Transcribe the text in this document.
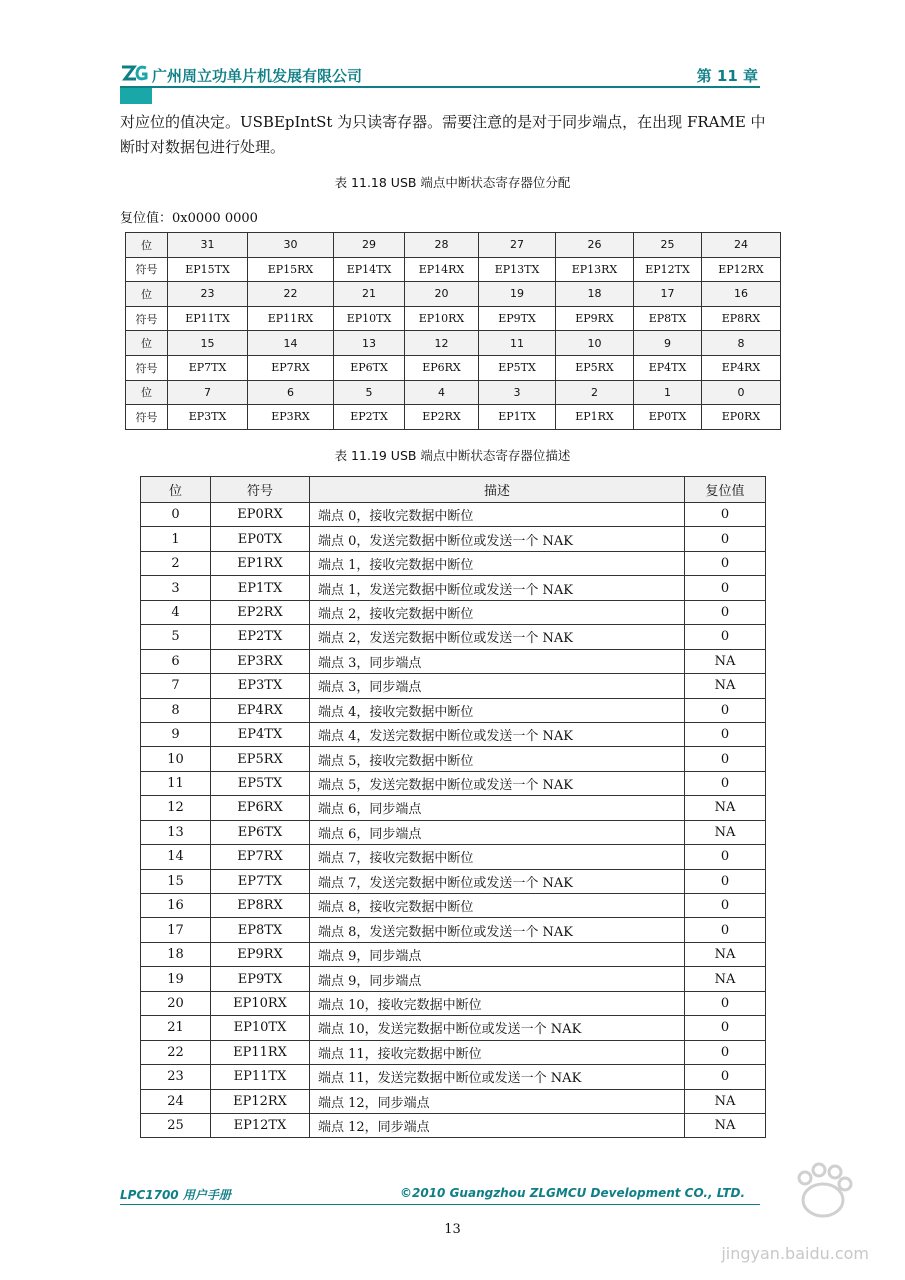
广州周立功单片机发展有限公司	第 11 章
对应位的值决定。USBEpIntSt 为只读寄存器。需要注意的是对于同步端点，在出现 FRAME 中
断时对数据包进行处理。
表 11.18 USB 端点中断状态寄存器位分配
复位值：0x0000 0000
位	31	30	29	28	27	26	25	24
符号	EP15TX	EP15RX	EP14TX	EP14RX	EP13TX	EP13RX	EP12TX	EP12RX
位	23	22	21	20	19	18	17	16
符号	EP11TX	EP11RX	EP10TX	EP10RX	EP9TX	EP9RX	EP8TX	EP8RX
位	15	14	13	12	11	10	9	8
符号	EP7TX	EP7RX	EP6TX	EP6RX	EP5TX	EP5RX	EP4TX	EP4RX
位	7	6	5	4	3	2	1	0
符号	EP3TX	EP3RX	EP2TX	EP2RX	EP1TX	EP1RX	EP0TX	EP0RX
表 11.19 USB 端点中断状态寄存器位描述
位	符号	描述	复位值
0	EP0RX	端点 0，接收完数据中断位	0
1	EP0TX	端点 0，发送完数据中断位或发送一个 NAK	0
2	EP1RX	端点 1，接收完数据中断位	0
3	EP1TX	端点 1，发送完数据中断位或发送一个 NAK	0
4	EP2RX	端点 2，接收完数据中断位	0
5	EP2TX	端点 2，发送完数据中断位或发送一个 NAK	0
6	EP3RX	端点 3，同步端点	NA
7	EP3TX	端点 3，同步端点	NA
8	EP4RX	端点 4，接收完数据中断位	0
9	EP4TX	端点 4，发送完数据中断位或发送一个 NAK	0
10	EP5RX	端点 5，接收完数据中断位	0
11	EP5TX	端点 5，发送完数据中断位或发送一个 NAK	0
12	EP6RX	端点 6，同步端点	NA
13	EP6TX	端点 6，同步端点	NA
14	EP7RX	端点 7，接收完数据中断位	0
15	EP7TX	端点 7，发送完数据中断位或发送一个 NAK	0
16	EP8RX	端点 8，接收完数据中断位	0
17	EP8TX	端点 8，发送完数据中断位或发送一个 NAK	0
18	EP9RX	端点 9，同步端点	NA
19	EP9TX	端点 9，同步端点	NA
20	EP10RX	端点 10，接收完数据中断位	0
21	EP10TX	端点 10，发送完数据中断位或发送一个 NAK	0
22	EP11RX	端点 11，接收完数据中断位	0
23	EP11TX	端点 11，发送完数据中断位或发送一个 NAK	0
24	EP12RX	端点 12，同步端点	NA
25	EP12TX	端点 12，同步端点	NA
LPC1700 用户手册	©2010 Guangzhou ZLGMCU Development CO., LTD.
13
jingyan.baidu.com
